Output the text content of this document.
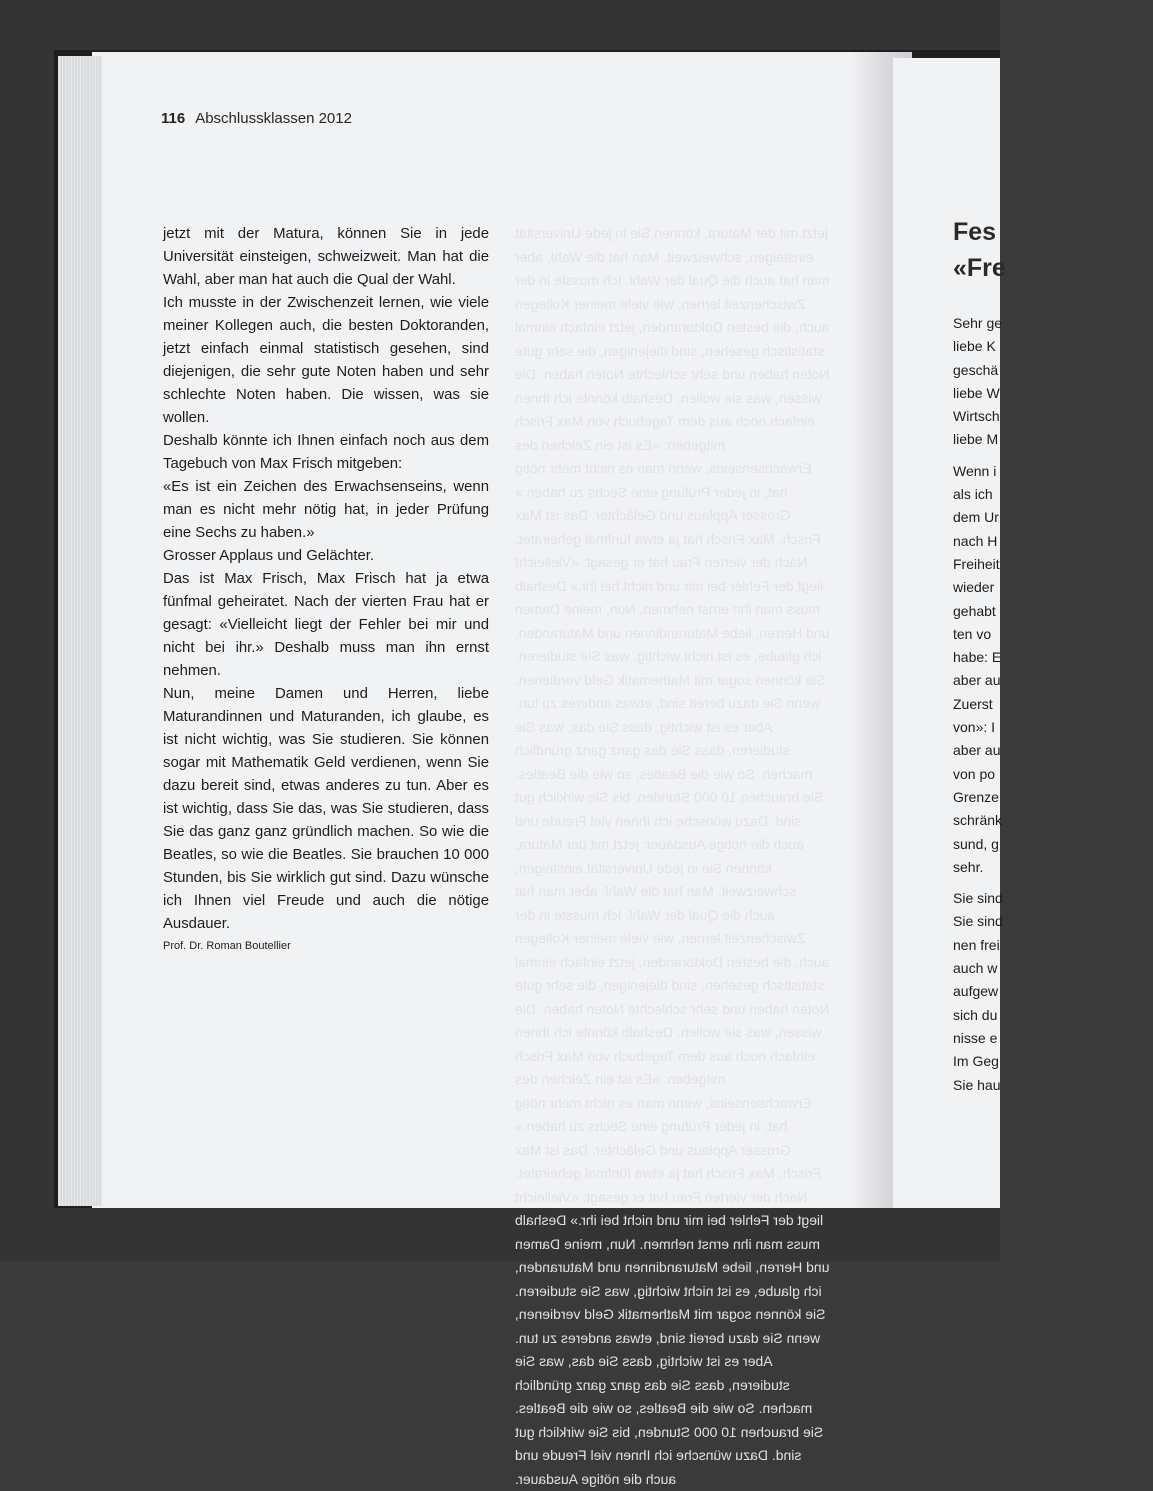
116 Abschlussklassen 2012
jetzt mit der Matura, können Sie in jede Universität einsteigen, schweizweit. Man hat die Wahl, aber man hat auch die Qual der Wahl. Ich musste in der Zwischenzeit lernen, wie viele meiner Kollegen auch, die besten Doktoranden, jetzt einfach einmal statistisch gesehen, sind diejenigen, die sehr gute Noten haben und sehr schlechte Noten haben. Die wissen, was sie wollen. Deshalb könnte ich Ihnen einfach noch aus dem Tagebuch von Max Frisch mitgeben: «Es ist ein Zeichen des Erwachsenseins, wenn man es nicht mehr nötig hat, in jeder Prüfung eine Sechs zu haben.» Grosser Applaus und Gelächter. Das ist Max Frisch, Max Frisch hat ja etwa fünfmal geheiratet. Nach der vierten Frau hat er gesagt: «Vielleicht liegt der Fehler bei mir und nicht bei ihr.» Deshalb muss man ihn ernst nehmen. Nun, meine Damen und Herren, liebe Maturandinnen und Maturanden, ich glaube, es ist nicht wichtig, was Sie studieren. Sie können sogar mit Mathematik Geld verdienen, wenn Sie dazu bereit sind, etwas anderes zu tun. Aber es ist wichtig, dass Sie das, was Sie studieren, dass Sie das ganz ganz gründlich machen. So wie die Beatles, so wie die Beatles. Sie brauchen 10 000 Stunden, bis Sie wirklich gut sind. Dazu wünsche ich Ihnen viel Freude und auch die nötige Ausdauer. jetzt mit der Matura, können Sie in jede Universität einsteigen, schweizweit. Man hat die Wahl, aber man hat auch die Qual der Wahl. Ich musste in der Zwischenzeit lernen, wie viele meiner Kollegen auch, die besten Doktoranden, jetzt einfach einmal statistisch gesehen, sind diejenigen, die sehr gute Noten haben und sehr schlechte Noten haben. Die wissen, was sie wollen. Deshalb könnte ich Ihnen einfach noch aus dem Tagebuch von Max Frisch mitgeben: «Es ist ein Zeichen des Erwachsenseins, wenn man es nicht mehr nötig hat, in jeder Prüfung eine Sechs zu haben.» Grosser Applaus und Gelächter. Das ist Max Frisch, Max Frisch hat ja etwa fünfmal geheiratet. Nach der vierten Frau hat er gesagt: «Vielleicht liegt der Fehler bei mir und nicht bei ihr.» Deshalb muss man ihn ernst nehmen. Nun, meine Damen und Herren, liebe Maturandinnen und Maturanden, ich glaube, es ist nicht wichtig, was Sie studieren. Sie können sogar mit Mathematik Geld verdienen, wenn Sie dazu bereit sind, etwas anderes zu tun. Aber es ist wichtig, dass Sie das, was Sie studieren, dass Sie das ganz ganz gründlich machen. So wie die Beatles, so wie die Beatles. Sie brauchen 10 000 Stunden, bis Sie wirklich gut sind. Dazu wünsche ich Ihnen viel Freude und auch die nötige Ausdauer.

jetzt mit der Matura, können Sie in jede Universität einsteigen, schweizweit. Man hat die Wahl, aber man hat auch die Qual der Wahl.

Ich musste in der Zwischenzeit lernen, wie viele meiner Kollegen auch, die besten Doktoranden, jetzt einfach einmal statistisch gesehen, sind diejenigen, die sehr gute Noten haben und sehr schlechte Noten haben. Die wissen, was sie wollen.

Deshalb könnte ich Ihnen einfach noch aus dem Tagebuch von Max Frisch mitgeben:

«Es ist ein Zeichen des Erwachsenseins, wenn man es nicht mehr nötig hat, in jeder Prüfung eine Sechs zu haben.»

Grosser Applaus und Gelächter.

Das ist Max Frisch, Max Frisch hat ja etwa fünfmal geheiratet. Nach der vierten Frau hat er gesagt: «Vielleicht liegt der Fehler bei mir und nicht bei ihr.» Deshalb muss man ihn ernst nehmen.

Nun, meine Damen und Herren, liebe Maturandinnen und Maturanden, ich glaube, es ist nicht wichtig, was Sie studieren. Sie können sogar mit Mathematik Geld verdienen, wenn Sie dazu bereit sind, etwas anderes zu tun. Aber es ist wichtig, dass Sie das, was Sie studieren, dass Sie das ganz ganz gründlich machen. So wie die Beatles, so wie die Beatles. Sie brauchen 10 000 Stunden, bis Sie wirklich gut sind. Dazu wünsche ich Ihnen viel Freude und auch die nötige Ausdauer.

Prof. Dr. Roman Boutellier

Fes
«Fre

Sehr ge

liebe K

geschä

liebe W

Wirtsch

liebe M

Wenn i

als ich

dem Ur

nach H

Freiheit

wieder

gehabt

ten vo

habe: E

aber au

Zuerst

von»: I

aber au

von po

Grenze

schränk

sund, g

sehr.

Sie sind

Sie sind

nen frei

auch w

aufgew

sich du

nisse e

Im Geg

Sie hau
